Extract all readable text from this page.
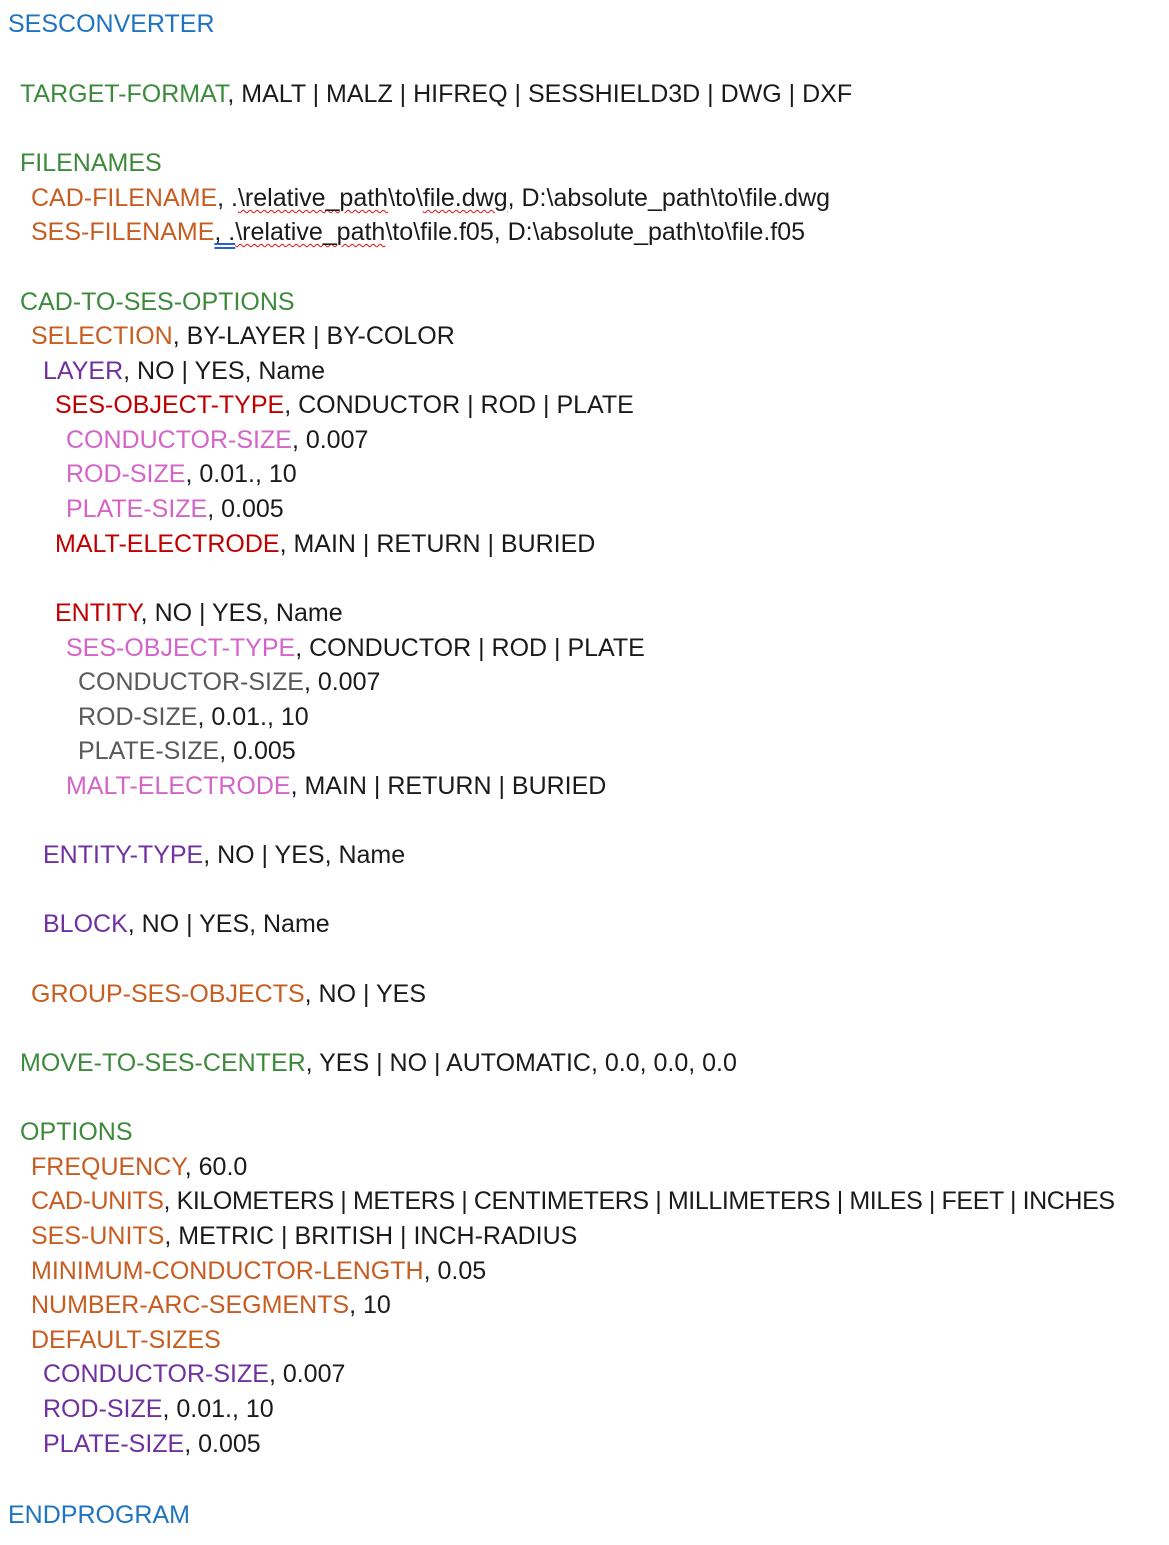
SESCONVERTER
TARGET-FORMAT, MALT | MALZ | HIFREQ | SESSHIELD3D | DWG | DXF
FILENAMES
CAD-FILENAME, .\relative_path\to\file.dwg, D:\absolute_path\to\file.dwg
SES-FILENAME, .\relative_path\to\file.f05, D:\absolute_path\to\file.f05
CAD-TO-SES-OPTIONS
SELECTION, BY-LAYER | BY-COLOR
LAYER, NO | YES, Name
SES-OBJECT-TYPE, CONDUCTOR | ROD | PLATE
CONDUCTOR-SIZE, 0.007
ROD-SIZE, 0.01., 10
PLATE-SIZE, 0.005
MALT-ELECTRODE, MAIN | RETURN | BURIED
ENTITY, NO | YES, Name
SES-OBJECT-TYPE, CONDUCTOR | ROD | PLATE
CONDUCTOR-SIZE, 0.007
ROD-SIZE, 0.01., 10
PLATE-SIZE, 0.005
MALT-ELECTRODE, MAIN | RETURN | BURIED
ENTITY-TYPE, NO | YES, Name
BLOCK, NO | YES, Name
GROUP-SES-OBJECTS, NO | YES
MOVE-TO-SES-CENTER, YES | NO | AUTOMATIC, 0.0, 0.0, 0.0
OPTIONS
FREQUENCY, 60.0
CAD-UNITS, KILOMETERS | METERS | CENTIMETERS | MILLIMETERS | MILES | FEET | INCHES
SES-UNITS, METRIC | BRITISH | INCH-RADIUS
MINIMUM-CONDUCTOR-LENGTH, 0.05
NUMBER-ARC-SEGMENTS, 10
DEFAULT-SIZES
CONDUCTOR-SIZE, 0.007
ROD-SIZE, 0.01., 10
PLATE-SIZE, 0.005
ENDPROGRAM
